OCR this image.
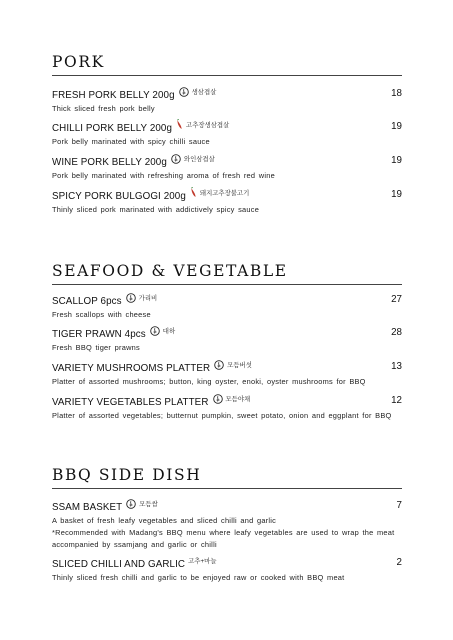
PORK
FRESH PORK BELLY 200g	생삼겹살	18
Thick sliced fresh pork belly
CHILLI PORK BELLY 200g 고추장생삼겹살	19
Pork belly marinated with spicy chilli sauce
WINE PORK BELLY 200g	와인삼겹살	19
Pork belly marinated with refreshing aroma of fresh red wine
SPICY PORK BULGOGI 200g 돼지고추장불고기	19
Thinly sliced pork marinated with addictively spicy sauce
SEAFOOD & VEGETABLE
SCALLOP 6pcs	가리비	27
Fresh scallops with cheese
TIGER PRAWN 4pcs	대하	28
Fresh BBQ tiger prawns
VARIETY MUSHROOMS PLATTER	모듬버섯	13
Platter of assorted mushrooms; button, king oyster, enoki, oyster mushrooms for BBQ
VARIETY VEGETABLES PLATTER	모듬야채	12
Platter of assorted vegetables; butternut pumpkin, sweet potato, onion and eggplant for BBQ
BBQ SIDE DISH
SSAM BASKET	모듬쌈	7
A basket of fresh leafy vegetables and sliced chilli and garlic
*Recommended with Madang's BBQ menu where leafy vegetables are used to wrap the meat
accompanied by ssamjang and garlic or chilli
SLICED CHILLI AND GARLIC 고추+마늘	2
Thinly sliced fresh chilli and garlic to be enjoyed raw or cooked with BBQ meat
